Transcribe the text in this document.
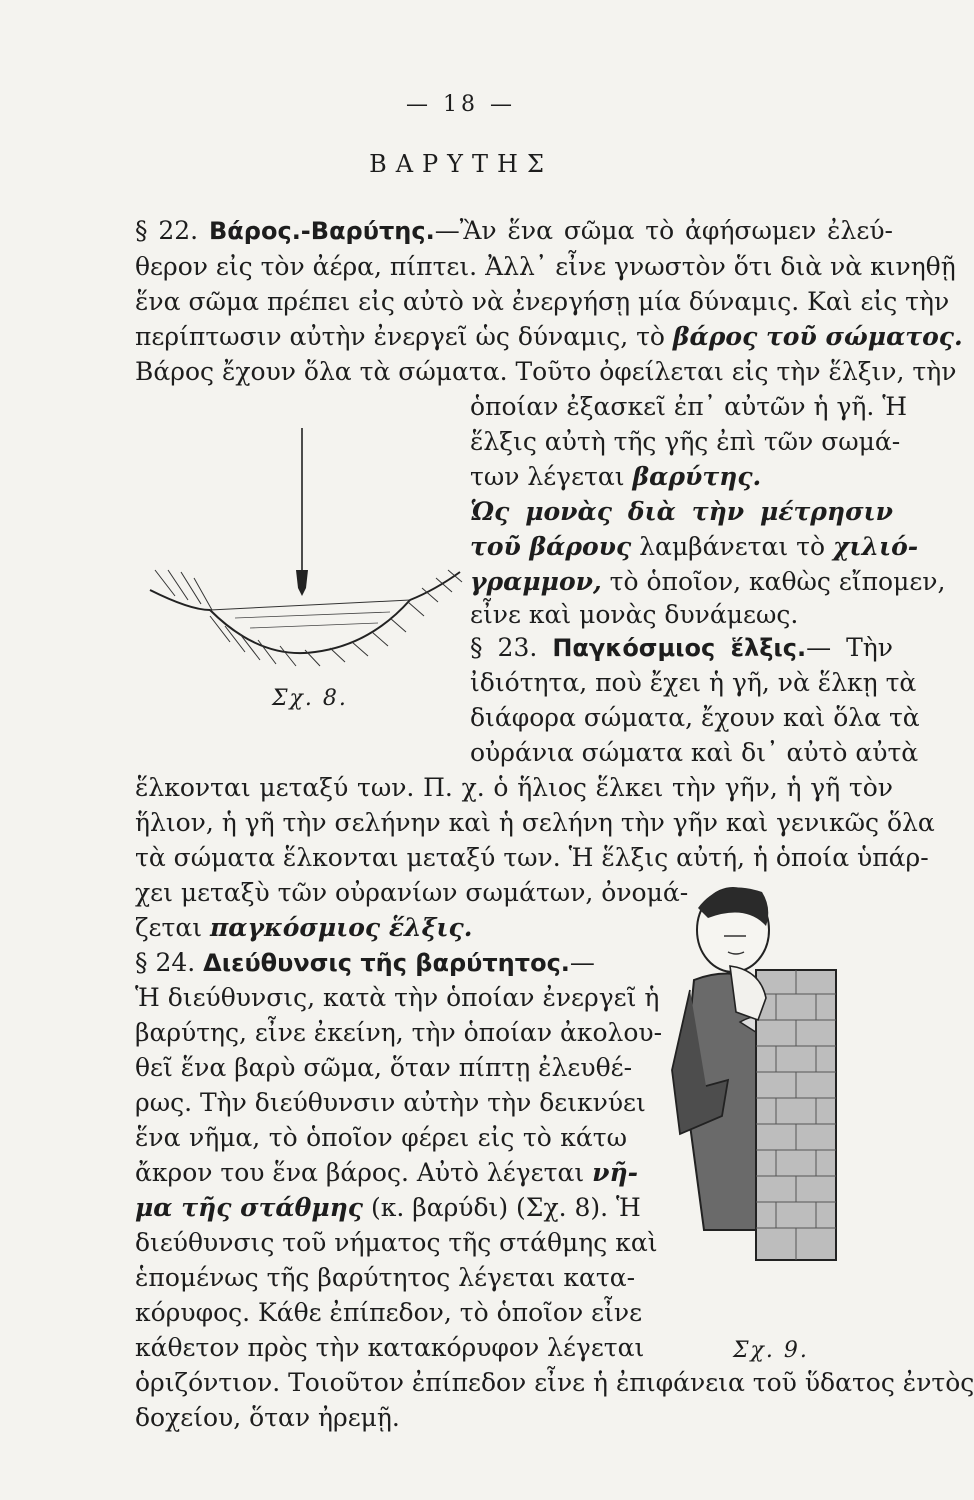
— 18 —
ΒΑΡΥΤΗΣ
§ 22. Βάρος.-Βαρύτης.—Ἂν ἕνα σῶμα τὸ ἀφήσωμεν ἐλεύ-
θερον εἰς τὸν ἀέρα, πίπτει. Ἀλλ᾽ εἶνε γνωστὸν ὅτι διὰ νὰ κινηθῇ
ἕνα σῶμα πρέπει εἰς αὐτὸ νὰ ἐνεργήσῃ μία δύναμις. Καὶ εἰς τὴν
περίπτωσιν αὐτὴν ἐνεργεῖ ὡς δύναμις, τὸ βάρος τοῦ σώματος.
Βάρος ἔχουν ὅλα τὰ σώματα. Τοῦτο ὀφείλεται εἰς τὴν ἕλξιν, τὴν
ὁποίαν ἐξασκεῖ ἐπ᾽ αὐτῶν ἡ γῆ. Ἡ
ἕλξις αὐτὴ τῆς γῆς ἐπὶ τῶν σωμά-
των λέγεται βαρύτης.
Ὡς μονὰς διὰ τὴν μέτρησιν
τοῦ βάρους λαμβάνεται τὸ χιλιό-
γραμμον, τὸ ὁποῖον, καθὼς εἴπομεν,
εἶνε καὶ μονὰς δυνάμεως.
§ 23. Παγκόσμιος ἕλξις.— Τὴν
ἰδιότητα, ποὺ ἔχει ἡ γῆ, νὰ ἕλκῃ τὰ
διάφορα σώματα, ἔχουν καὶ ὅλα τὰ
οὐράνια σώματα καὶ δι᾽ αὐτὸ αὐτὰ
ἕλκονται μεταξύ των. Π. χ. ὁ ἥλιος ἕλκει τὴν γῆν, ἡ γῆ τὸν
ἥλιον, ἡ γῆ τὴν σελήνην καὶ ἡ σελήνη τὴν γῆν καὶ γενικῶς ὅλα
τὰ σώματα ἕλκονται μεταξύ των. Ἡ ἕλξις αὐτή, ἡ ὁποία ὑπάρ-
χει μεταξὺ τῶν οὐρανίων σωμάτων, ὀνομά-
ζεται παγκόσμιος ἕλξις.
§ 24. Διεύθυνσις τῆς βαρύτητος.—
Ἡ διεύθυνσις, κατὰ τὴν ὁποίαν ἐνεργεῖ ἡ
βαρύτης, εἶνε ἐκείνη, τὴν ὁποίαν ἀκολου-
θεῖ ἕνα βαρὺ σῶμα, ὅταν πίπτῃ ἐλευθέ-
ρως. Τὴν διεύθυνσιν αὐτὴν τὴν δεικνύει
ἕνα νῆμα, τὸ ὁποῖον φέρει εἰς τὸ κάτω
ἄκρον του ἕνα βάρος. Αὐτὸ λέγεται νῆ-
μα τῆς στάθμης (κ. βαρύδι) (Σχ. 8). Ἡ
διεύθυνσις τοῦ νήματος τῆς στάθμης καὶ
ἑπομένως τῆς βαρύτητος λέγεται κατα-
κόρυφος. Κάθε ἐπίπεδον, τὸ ὁποῖον εἶνε
κάθετον πρὸς τὴν κατακόρυφον λέγεται
ὁριζόντιον. Τοιοῦτον ἐπίπεδον εἶνε ἡ ἐπιφάνεια τοῦ ὕδατος ἐντὸς
δοχείου, ὅταν ἠρεμῇ.
Σχ. 8.
Σχ. 9.
